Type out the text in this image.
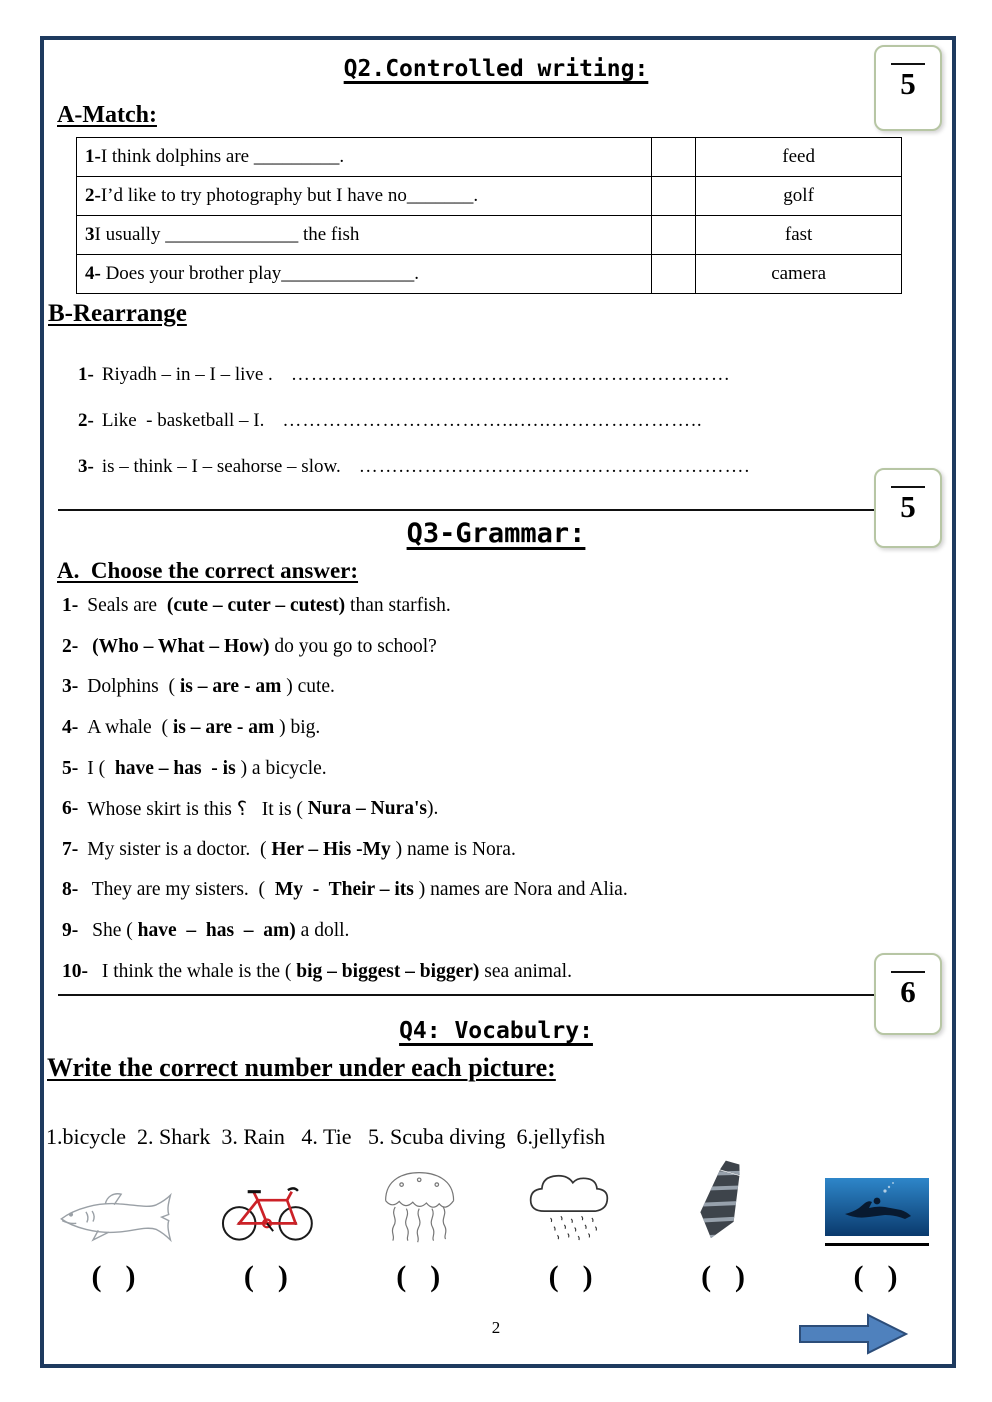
Q2.Controlled writing:	5
A-Match:
1-I think dolphins are _________.		feed
2-I’d like to try photography but I have no_______.		golf
3I usually ______________ the fish		fast
4- Does your brother play______________.		camera
B-Rearrange
1- Riyadh – in – I – live . …………………………………………………………
2- Like  - basketball – I. ……………………………...…..…………………..
3- is – think – I – seahorse – slow. …….…………………………………………….
5
Q3-Grammar:
A.  Choose the correct answer:
1- Seals are (cute – cuter – cutest) than starfish.
2-
(Who – What – How) do you go to school?
3- Dolphins  ( is – are - am ) cute.
4- A whale  ( is – are - am ) big.
5- I ( have – has  - is ) a bicycle.
6- Whose skirt is this ؟   It is ( Nura – Nura's ).
7- My sister is a doctor.  ( Her – His -My ) name is Nora.
8- They are my sisters.  ( My  -  Their – its ) names are Nora and Alia.
9- She ( have  –  has  –  am) a doll.
10- I think the whale is the ( big – biggest – bigger) sea animal.
6
Q4: Vocabulry:
Write the correct number under each picture:
1.bicycle  2. Shark  3. Rain   4. Tie   5. Scuba diving  6.jellyfish
(  )	(  )	(  )	(  )	(  )	(  )
2
